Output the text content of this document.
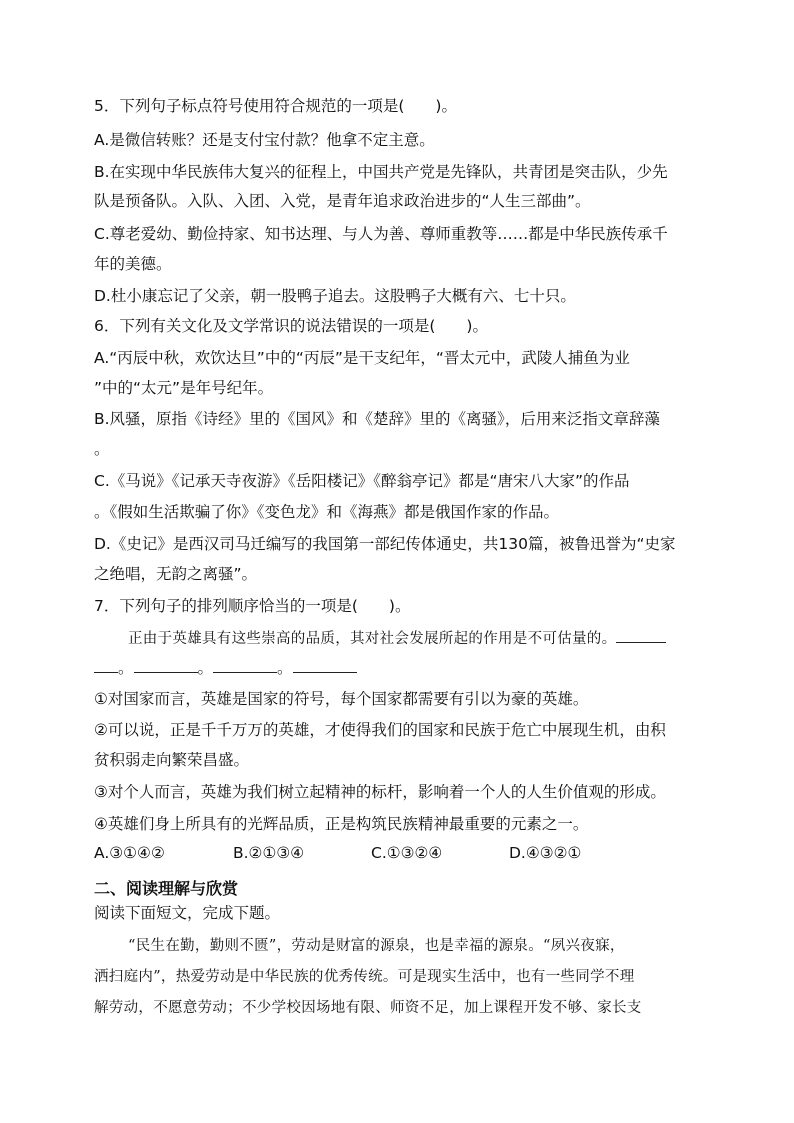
5．下列句子标点符号使用符合规范的一项是(　　)。
A.是微信转账？还是支付宝付款？他拿不定主意。
B.在实现中华民族伟大复兴的征程上，中国共产党是先锋队，共青团是突击队，少先
队是预备队。入队、入团、入党，是青年追求政治进步的“人生三部曲”。
C.尊老爱幼、勤俭持家、知书达理、与人为善、尊师重教等……都是中华民族传承千
年的美德。
D.杜小康忘记了父亲，朝一股鸭子追去。这股鸭子大概有六、七十只。
6．下列有关文化及文学常识的说法错误的一项是(　　)。
A.“丙辰中秋，欢饮达旦”中的“丙辰”是干支纪年，“晋太元中，武陵人捕鱼为业
”中的“太元”是年号纪年。
B.风骚，原指《诗经》里的《国风》和《楚辞》里的《离骚》，后用来泛指文章辞藻
。
C.《马说》《记承天寺夜游》《岳阳楼记》《醉翁亭记》都是“唐宋八大家”的作品
。《假如生活欺骗了你》《变色龙》和《海燕》都是俄国作家的作品。
D.《史记》是西汉司马迁编写的我国第一部纪传体通史，共130篇，被鲁迅誉为“史家
之绝唱，无韵之离骚”。
7．下列句子的排列顺序恰当的一项是(　　)。
正由于英雄具有这些崇高的品质，其对社会发展所起的作用是不可估量的。
。	。	。
①对国家而言，英雄是国家的符号，每个国家都需要有引以为豪的英雄。
②可以说，正是千千万万的英雄，才使得我们的国家和民族于危亡中展现生机，由积
贫积弱走向繁荣昌盛。
③对个人而言，英雄为我们树立起精神的标杆，影响着一个人的人生价值观的形成。
④英雄们身上所具有的光辉品质，正是构筑民族精神最重要的元素之一。
A.③①④②	B.②①③④	C.①③②④	D.④③②①
二、阅读理解与欣赏
阅读下面短文，完成下题。
“民生在勤，勤则不匮”，劳动是财富的源泉，也是幸福的源泉。“夙兴夜寐，
洒扫庭内”，热爱劳动是中华民族的优秀传统。可是现实生活中，也有一些同学不理
解劳动，不愿意劳动；不少学校因场地有限、师资不足，加上课程开发不够、家长支
